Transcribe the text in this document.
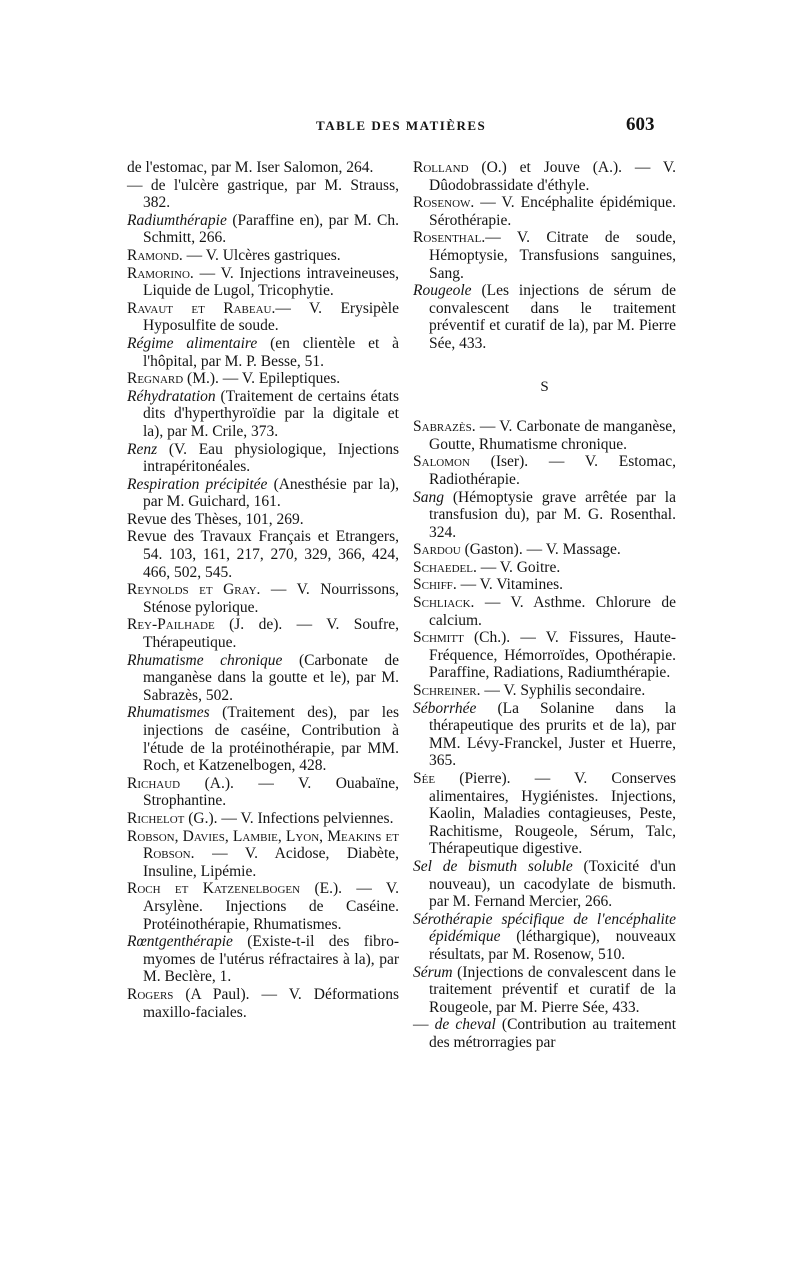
TABLE DES MATIÈRES	603

de l'estomac, par M. Iser Salomon, 264.

— de l'ulcère gastrique, par M. Strauss, 382.

Radiumthérapie (Paraffine en), par M. Ch. Schmitt, 266.

Ramond. — V. Ulcères gastriques.

Ramorino. — V. Injections intraveineuses, Liquide de Lugol, Tricophytie.

Ravaut et Rabeau.— V. Erysipèle Hyposulfite de soude.

Régime alimentaire (en clientèle et à l'hôpital, par M. P. Besse, 51.

Regnard (M.). — V. Epileptiques.

Réhydratation (Traitement de certains états dits d'hyperthyroïdie par la digitale et la), par M. Crile, 373.

Renz (V. Eau physiologique, Injections intrapéritonéales.

Respiration précipitée (Anesthésie par la), par M. Guichard, 161.

Revue des Thèses, 101, 269.

Revue des Travaux Français et Etrangers, 54. 103, 161, 217, 270, 329, 366, 424, 466, 502, 545.

Reynolds et Gray. — V. Nourrissons, Sténose pylorique.

Rey-Pailhade (J. de). — V. Soufre, Thérapeutique.

Rhumatisme chronique (Carbonate de manganèse dans la goutte et le), par M. Sabrazès, 502.

Rhumatismes (Traitement des), par les injections de caséine, Contribution à l'étude de la protéinothérapie, par MM. Roch, et Katzenelbogen, 428.

Richaud (A.). — V. Ouabaïne, Strophantine.

Richelot (G.). — V. Infections pelviennes.

Robson, Davies, Lambie, Lyon, Meakins et Robson. — V. Acidose, Diabète, Insuline, Lipémie.

Roch et Katzenelbogen (E.). — V. Arsylène. Injections de Caséine. Protéinothérapie, Rhumatismes.

Rœntgenthérapie (Existe-t-il des fibro-myomes de l'utérus réfractaires à la), par M. Beclère, 1.

Rogers (A Paul). — V. Déformations maxillo-faciales.

Rolland (O.) et Jouve (A.). — V. Dûodobrassidate d'éthyle.

Rosenow. — V. Encéphalite épidémique. Sérothérapie.

Rosenthal.— V. Citrate de soude, Hémoptysie, Transfusions sanguines, Sang.

Rougeole (Les injections de sérum de convalescent dans le traitement préventif et curatif de la), par M. Pierre Sée, 433.

S

Sabrazès. — V. Carbonate de manganèse, Goutte, Rhumatisme chronique.

Salomon (Iser). — V. Estomac, Radiothérapie.

Sang (Hémoptysie grave arrêtée par la transfusion du), par M. G. Rosenthal. 324.

Sardou (Gaston). — V. Massage.

Schaedel. — V. Goitre.

Schiff. — V. Vitamines.

Schliack. — V. Asthme. Chlorure de calcium.

Schmitt (Ch.). — V. Fissures, Haute-Fréquence, Hémorroïdes, Opothérapie. Paraffine, Radiations, Radiumthérapie.

Schreiner. — V. Syphilis secondaire.

Séborrhée (La Solanine dans la thérapeutique des prurits et de la), par MM. Lévy-Franckel, Juster et Huerre, 365.

Sée (Pierre). — V. Conserves alimentaires, Hygiénistes. Injections, Kaolin, Maladies contagieuses, Peste, Rachitisme, Rougeole, Sérum, Talc, Thérapeutique digestive.

Sel de bismuth soluble (Toxicité d'un nouveau), un cacodylate de bismuth. par M. Fernand Mercier, 266.

Sérothérapie spécifique de l'encéphalite épidémique (léthargique), nouveaux résultats, par M. Rosenow, 510.

Sérum (Injections de convalescent dans le traitement préventif et curatif de la Rougeole, par M. Pierre Sée, 433.

— de cheval (Contribution au traitement des métrorragies par
